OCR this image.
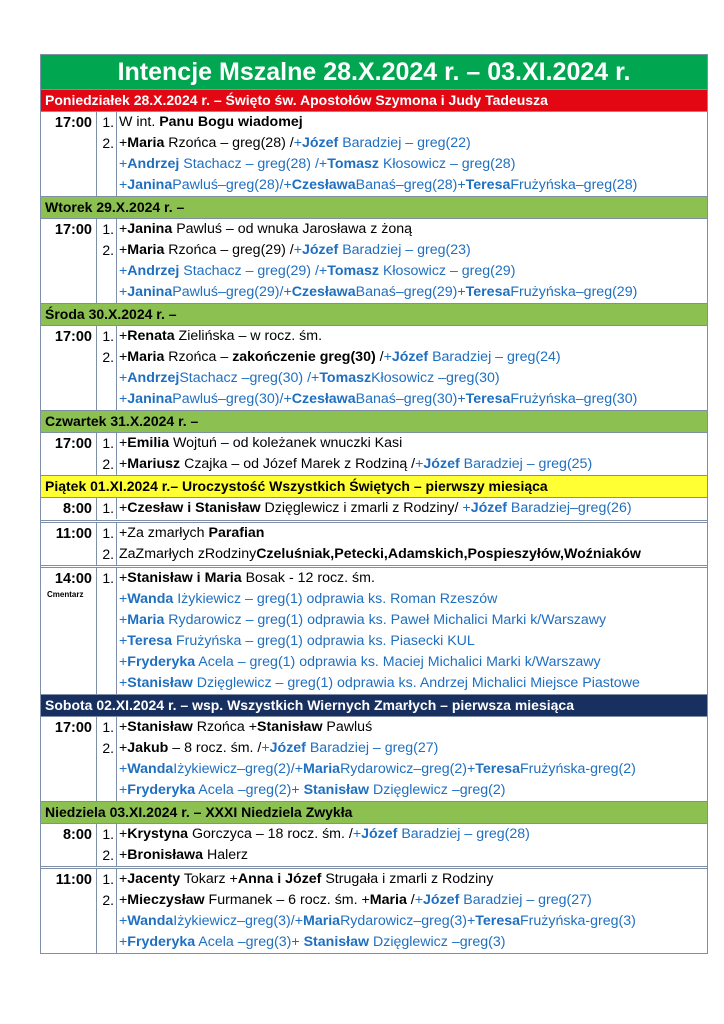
Intencje Mszalne 28.X.2024 r. – 03.XI.2024 r.
Poniedziałek 28.X.2024 r. – Święto św. Apostołów Szymona i Judy Tadeusza
17:00 1. W int. Panu Bogu wiadomej
2. +Maria Rzońca – greg(28) /+Józef Baradziej – greg(22)
+Andrzej Stachacz – greg(28) /+Tomasz Kłosowicz – greg(28)
+JaninaPawluś–greg(28)/+CzesławaBanaś–greg(28)+TeresaFrużyńska–greg(28)
Wtorek 29.X.2024 r. –
17:00 1. +Janina Pawluś – od wnuka Jarosława z żoną
2. +Maria Rzońca – greg(29) /+Józef Baradziej – greg(23)
+Andrzej Stachacz – greg(29) /+Tomasz Kłosowicz – greg(29)
+JaninaPawluś–greg(29)/+CzesławaBanaś–greg(29)+TeresaFrużyńska–greg(29)
Środa 30.X.2024 r. –
17:00 1. +Renata Zielińska – w rocz. śm.
2. +Maria Rzońca – zakończenie greg(30) /+Józef Baradziej – greg(24)
+AndrzejStachacz –greg(30) /+TomaszKłosowicz –greg(30)
+JaninaPawluś–greg(30)/+CzesławaBanaś–greg(30)+TeresaFrużyńska–greg(30)
Czwartek 31.X.2024 r. –
17:00 1. +Emilia Wojtuń – od koleżanek wnuczki Kasi
2. +Mariusz Czajka – od Józef Marek z Rodziną /+Józef Baradziej – greg(25)
Piątek 01.XI.2024 r.– Uroczystość Wszystkich Świętych – pierwszy miesiąca
8:00 1. +Czesław i Stanisław Dzięglewicz i zmarli z Rodziny/ +Józef Baradziej–greg(26)
11:00 1. +Za zmarłych Parafian
2. ZaZmarłych zRodzinyCzeluśniak,Petecki,Adamskich,Pospieszyłów,Woźniaków
14:00
Cmentarz
1. +Stanisław i Maria Bosak - 12 rocz. śm.
+Wanda Iżykiewicz – greg(1) odprawia ks. Roman Rzeszów
+Maria Rydarowicz – greg(1) odprawia ks. Paweł Michalici Marki k/Warszawy
+Teresa Frużyńska – greg(1) odprawia ks. Piasecki KUL
+Fryderyka Acela – greg(1) odprawia ks. Maciej Michalici Marki k/Warszawy
+Stanisław Dzięglewicz – greg(1) odprawia ks. Andrzej Michalici Miejsce Piastowe
Sobota 02.XI.2024 r. – wsp. Wszystkich Wiernych Zmarłych – pierwsza miesiąca
17:00 1. +Stanisław Rzońca +Stanisław Pawluś
2. +Jakub – 8 rocz. śm. /+Józef Baradziej – greg(27)
+WandaIżykiewicz–greg(2)/+MariaRydarowicz–greg(2)+TeresaFrużyńska-greg(2)
+Fryderyka Acela –greg(2)+ Stanisław Dzięglewicz –greg(2)
Niedziela 03.XI.2024 r. – XXXI Niedziela Zwykła
8:00 1. +Krystyna Gorczyca – 18 rocz. śm. /+Józef Baradziej – greg(28)
2. +Bronisława Halerz
11:00 1. +Jacenty Tokarz +Anna i Józef Strugała i zmarli z Rodziny
2. +Mieczysław Furmanek – 6 rocz. śm. +Maria /+Józef Baradziej – greg(27)
+WandaIżykiewicz–greg(3)/+MariaRydarowicz–greg(3)+TeresaFrużyńska-greg(3)
+Fryderyka Acela –greg(3)+ Stanisław Dzięglewicz –greg(3)
